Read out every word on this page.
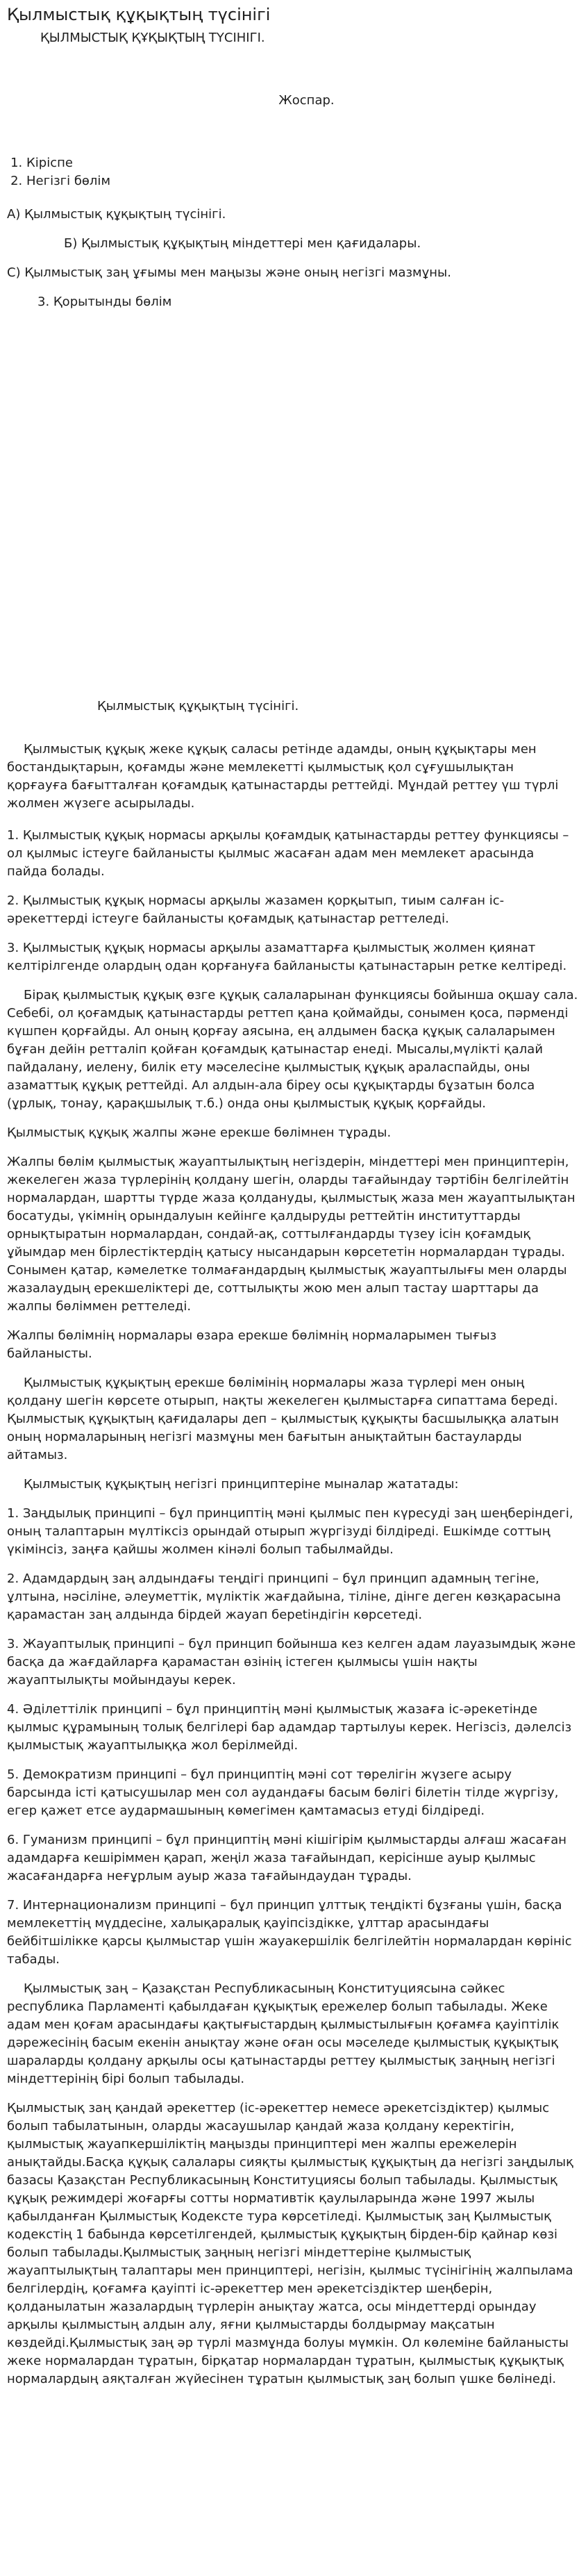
Қылмыстық құқықтың түсінігі
ҚЫЛМЫСТЫҚ ҚҰҚЫҚТЫҢ ТҮСІНІГІ.
Жоспар.
1. Кіріспе
2. Негізгі бөлім
А) Қылмыстық құқықтың түсінігі.
Б) Қылмыстық құқықтың міндеттері мен қағидалары.
С) Қылмыстық заң ұғымы мен маңызы және оның негізгі мазмұны.
3. Қорытынды бөлім
Қылмыстық құқықтың түсінігі.

Қылмыстық құқық жеке құқық саласы ретінде адамды, оның құқықтары мен бостандықтарын, қоғамды және мемлекетті қылмыстық қол сұғушылықтан қорғауға бағытталған қоғамдық қатынастарды реттейді. Мұндай реттеу үш түрлі жолмен жүзеге асырылады.

1. Қылмыстық құқық нормасы арқылы қоғамдық қатынастарды реттеу функциясы – ол қылмыс істеуге байланысты қылмыс жасаған адам мен мемлекет арасында пайда болады.

2. Қылмыстық құқық нормасы арқылы жазамен қорқытып, тиым салған іс-әрекеттерді істеуге байланысты қоғамдық қатынастар реттеледі.

3. Қылмыстық құқық нормасы арқылы азаматтарға қылмыстық жолмен қиянат келтірілгенде олардың одан қорғануға байланысты қатынастарын ретке келтіреді.

Бірақ қылмыстық құқық өзге құқық салаларынан функциясы бойынша оқшау сала. Себебі, ол қоғамдық қатынастарды реттеп қана қоймайды, сонымен қоса, пәрменді күшпен қорғайды. Ал оның қорғау аясына, ең алдымен басқа құқық салаларымен бұған дейін ретталіп қойған қоғамдық қатынастар енеді. Мысалы,мүлікті қалай пайдалану, иелену, билік ету мәселесіне қылмыстық құқық араласпайды, оны азаматтық құқық реттейді. Ал алдын-ала біреу осы құқықтарды бұзатын болса (ұрлық, тонау, қарақшылық т.б.) онда оны қылмыстық құқық қорғайды.

Қылмыстық құқық жалпы және ерекше бөлімнен тұрады.

Жалпы бөлім қылмыстық жауаптылықтың негіздерін, міндеттері мен принциптерін, жекелеген жаза түрлерінің қолдану шегін, оларды тағайындау тәртібін белгілейтін нормалардан, шартты түрде жаза қолдануды, қылмыстық жаза мен жауаптылықтан босатуды, үкімнің орындалуын кейінге қалдыруды реттейтін институттарды орнықтыратын нормалардан, сондай-ақ, соттылғандарды түзеу ісін қоғамдық ұйымдар мен бірлестіктердің қатысу нысандарын көрсететін нормалардан тұрады. Сонымен қатар, кәмелетке толмағандардың қылмыстық жауаптылығы мен оларды жазалаудың ерекшеліктері де, соттылықты жою мен алып тастау шарттары да жалпы бөліммен реттеледі.

Жалпы бөлімнің нормалары өзара ерекше бөлімнің нормаларымен тығыз байланысты.

Қылмыстық құқықтың ерекше бөлімінің нормалары жаза түрлері мен оның қолдану шегін көрсете отырып, нақты жекелеген қылмыстарға сипаттама береді. Қылмыстық құқықтың қағидалары деп – қылмыстық құқықты басшылыққа алатын оның нормаларының негізгі мазмұны мен бағытын анықтайтын бастауларды айтамыз.

Қылмыстық құқықтың негізгі принциптеріне мыналар жататады:

1. Заңдылық принципі – бұл принциптің мәні қылмыс пен күресуді заң шеңберіндегі, оның талаптарын мүлтіксіз орындай отырып жүргізуді білдіреді. Ешкімде соттың үкімінсіз, заңға қайшы жолмен кінәлі болып табылмайды.

2. Адамдардың заң алдындағы теңдігі принципі – бұл принцип адамның тегіне, ұлтына, нәсіліне, әлеуметтік, мүліктік жағдайына, тіліне, дінге деген көзқарасына қарамастан заң алдында бірдей жауап берetіндігін көрсетеді.

3. Жауаптылық принципі – бұл принцип бойынша кез келген адам лауазымдық және басқа да жағдайларға қарамастан өзінің істеген қылмысы үшін нақты жауаптылықты мойындауы керек.

4. Әділеттілік принципі – бұл принциптің мәні қылмыстық жазаға іс-әрекетінде қылмыс құрамының толық белгілері бар адамдар тартылуы керек. Негізсіз, дәлелсіз қылмыстық жауаптылыққа жол берілмейді.

5. Демократизм принципі – бұл принциптің мәні сот төрелігін жүзеге асыру барсында істі қатысушылар мен сол аудандағы басым бөлігі білетін тілде жүргізу, егер қажет етсе аудармашының көмегімен қамтамасыз етуді білдіреді.

6. Гуманизм принципі – бұл принциптің мәні кішігірім қылмыстарды алғаш жасаған адамдарға кешіріммен қарап, жеңіл жаза тағайындап, керісінше ауыр қылмыс жасағандарға неғұрлым ауыр жаза тағайындаудан тұрады.

7. Интернационализм принципі – бұл принцип ұлттық теңдікті бұзғаны үшін, басқа мемлекеттің мүддесіне, халықаралық қауіпсіздікке, ұлттар арасындағы бейбітшілікке қарсы қылмыстар үшін жауакершілік белгілейтін нормалардан көрініс табады.

Қылмыстық заң – Қазақстан Республикасының Конституциясына сәйкес республика Парламенті қабылдаған құқықтық ережелер болып табылады. Жеке адам мен қоғам арасындағы қақтығыстардың қылмыстылығын қоғамға қауіптілік дәрежесінің басым екенін анықтау және оған осы мәселеде қылмыстық құқықтық шараларды қолдану арқылы осы қатынастарды реттеу қылмыстық заңның негізгі міндеттерінің бірі болып табылады.

Қылмыстық заң қандай әрекеттер (іс-әрекеттер немесе әрекетсіздіктер) қылмыс болып табылатынын, оларды жасаушылар қандай жаза қолдану керектігін, қылмыстық жауапкершіліктің маңызды принциптері мен жалпы ережелерін анықтайды.Басқа құқық салалары сияқты қылмыстық құқықтың да негізгі заңдылық базасы Қазақстан Республикасының Конституциясы болып табылады. Қылмыстық құқық режимдері жоғарғы сотты нормативтік қаулыларында және 1997 жылы қабылданған Қылмыстық Кодексте тура көрсетіледі. Қылмыстық заң Қылмыстық кодекстің 1 бабында көрсетілгендей, қылмыстық құқықтың бірден-бір қайнар көзі болып табылады.Қылмыстық заңның негізгі міндеттеріне қылмыстық жауаптылықтың талаптары мен принциптері, негізін, қылмыс түсінігінің жалпылама белгілердің, қоғамға қауіпті іс-әрекеттер мен әрекетсіздіктер шеңберін, қолданылатын жазалардың түрлерін анықтау жатса, осы міндеттерді орындау арқылы қылмыстың алдын алу, яғни қылмыстарды болдырмау мақсатын көздейді.Қылмыстық заң әр түрлі мазмұнда болуы мүмкін. Ол көлеміне байланысты жеке нормалардан тұратын, бірқатар нормалардан тұратын, қылмыстық құқықтық нормалардың аяқталған жүйесінен тұратын қылмыстық заң болып үшке бөлінеді.
